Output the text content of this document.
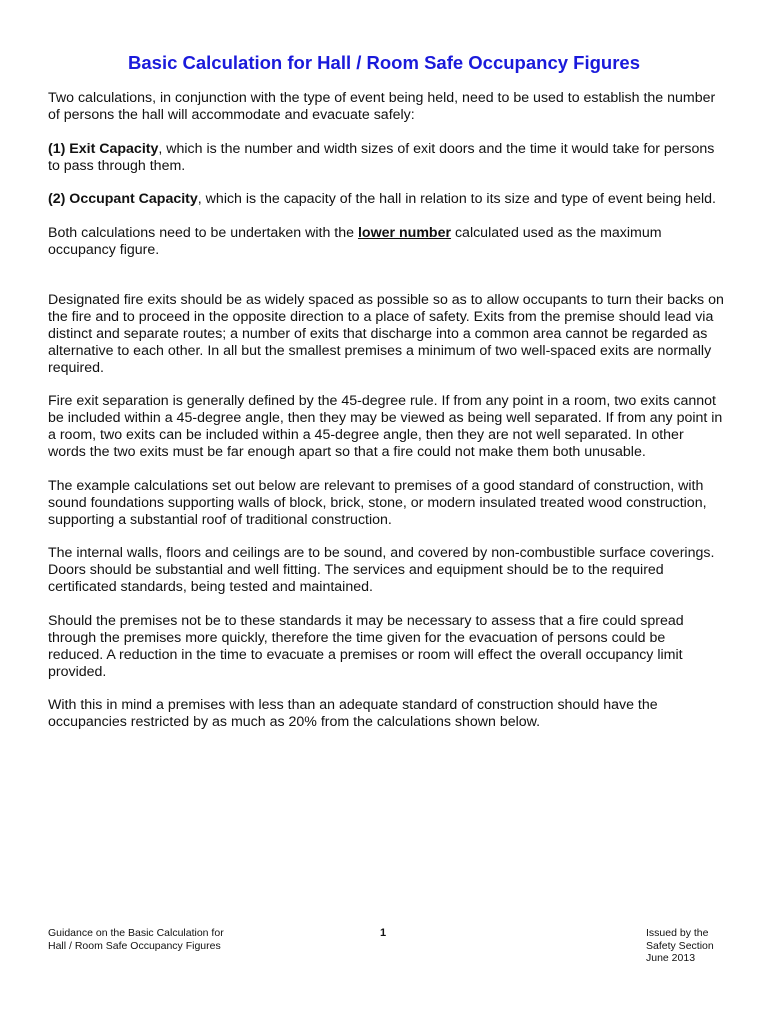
Basic Calculation for Hall / Room Safe Occupancy Figures

Two calculations, in conjunction with the type of event being held, need to be used to establish the number of persons the hall will accommodate and evacuate safely:

(1) Exit Capacity, which is the number and width sizes of exit doors and the time it would take for persons to pass through them.

(2) Occupant Capacity, which is the capacity of the hall in relation to its size and type of event being held.

Both calculations need to be undertaken with the lower number calculated used as the maximum occupancy figure.

Designated fire exits should be as widely spaced as possible so as to allow occupants to turn their backs on the fire and to proceed in the opposite direction to a place of safety. Exits from the premise should lead via distinct and separate routes; a number of exits that discharge into a common area cannot be regarded as alternative to each other. In all but the smallest premises a minimum of two well-spaced exits are normally required.

Fire exit separation is generally defined by the 45-degree rule. If from any point in a room, two exits cannot be included within a 45-degree angle, then they may be viewed as being well separated. If from any point in a room, two exits can be included within a 45-degree angle, then they are not well separated. In other words the two exits must be far enough apart so that a fire could not make them both unusable.

The example calculations set out below are relevant to premises of a good standard of construction, with sound foundations supporting walls of block, brick, stone, or modern insulated treated wood construction, supporting a substantial roof of traditional construction.

The internal walls, floors and ceilings are to be sound, and covered by non-combustible surface coverings. Doors should be substantial and well fitting. The services and equipment should be to the required certificated standards, being tested and maintained.

Should the premises not be to these standards it may be necessary to assess that a fire could spread through the premises more quickly, therefore the time given for the evacuation of persons could be reduced. A reduction in the time to evacuate a premises or room will effect the overall occupancy limit provided.

With this in mind a premises with less than an adequate standard of construction should have the occupancies restricted by as much as 20% from the calculations shown below.

Guidance on the Basic Calculation for
Hall / Room Safe Occupancy Figures
1	Issued by the
Safety Section
June 2013
